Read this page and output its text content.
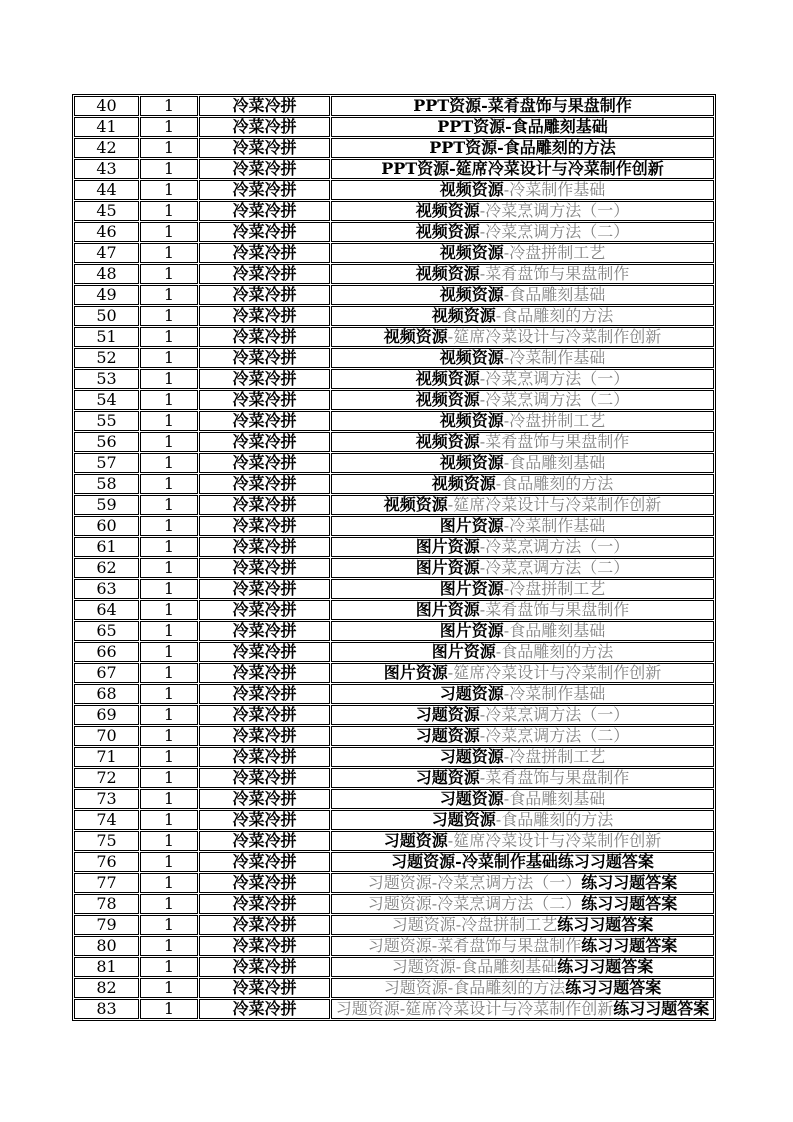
40	1	冷菜冷拼	PPT资源-菜肴盘饰与果盘制作
41	1	冷菜冷拼	PPT资源-食品雕刻基础
42	1	冷菜冷拼	PPT资源-食品雕刻的方法
43	1	冷菜冷拼	PPT资源-筵席冷菜设计与冷菜制作创新
44	1	冷菜冷拼	视频资源-冷菜制作基础
45	1	冷菜冷拼	视频资源-冷菜烹调方法（一）
46	1	冷菜冷拼	视频资源-冷菜烹调方法（二）
47	1	冷菜冷拼	视频资源-冷盘拼制工艺
48	1	冷菜冷拼	视频资源-菜肴盘饰与果盘制作
49	1	冷菜冷拼	视频资源-食品雕刻基础
50	1	冷菜冷拼	视频资源-食品雕刻的方法
51	1	冷菜冷拼	视频资源-筵席冷菜设计与冷菜制作创新
52	1	冷菜冷拼	视频资源-冷菜制作基础
53	1	冷菜冷拼	视频资源-冷菜烹调方法（一）
54	1	冷菜冷拼	视频资源-冷菜烹调方法（二）
55	1	冷菜冷拼	视频资源-冷盘拼制工艺
56	1	冷菜冷拼	视频资源-菜肴盘饰与果盘制作
57	1	冷菜冷拼	视频资源-食品雕刻基础
58	1	冷菜冷拼	视频资源-食品雕刻的方法
59	1	冷菜冷拼	视频资源-筵席冷菜设计与冷菜制作创新
60	1	冷菜冷拼	图片资源-冷菜制作基础
61	1	冷菜冷拼	图片资源-冷菜烹调方法（一）
62	1	冷菜冷拼	图片资源-冷菜烹调方法（二）
63	1	冷菜冷拼	图片资源-冷盘拼制工艺
64	1	冷菜冷拼	图片资源-菜肴盘饰与果盘制作
65	1	冷菜冷拼	图片资源-食品雕刻基础
66	1	冷菜冷拼	图片资源-食品雕刻的方法
67	1	冷菜冷拼	图片资源-筵席冷菜设计与冷菜制作创新
68	1	冷菜冷拼	习题资源-冷菜制作基础
69	1	冷菜冷拼	习题资源-冷菜烹调方法（一）
70	1	冷菜冷拼	习题资源-冷菜烹调方法（二）
71	1	冷菜冷拼	习题资源-冷盘拼制工艺
72	1	冷菜冷拼	习题资源-菜肴盘饰与果盘制作
73	1	冷菜冷拼	习题资源-食品雕刻基础
74	1	冷菜冷拼	习题资源-食品雕刻的方法
75	1	冷菜冷拼	习题资源-筵席冷菜设计与冷菜制作创新
76	1	冷菜冷拼	习题资源-冷菜制作基础练习习题答案
77	1	冷菜冷拼	习题资源-冷菜烹调方法（一）练习习题答案
78	1	冷菜冷拼	习题资源-冷菜烹调方法（二）练习习题答案
79	1	冷菜冷拼	习题资源-冷盘拼制工艺练习习题答案
80	1	冷菜冷拼	习题资源-菜肴盘饰与果盘制作练习习题答案
81	1	冷菜冷拼	习题资源-食品雕刻基础练习习题答案
82	1	冷菜冷拼	习题资源-食品雕刻的方法练习习题答案
83	1	冷菜冷拼	习题资源-筵席冷菜设计与冷菜制作创新练习习题答案
